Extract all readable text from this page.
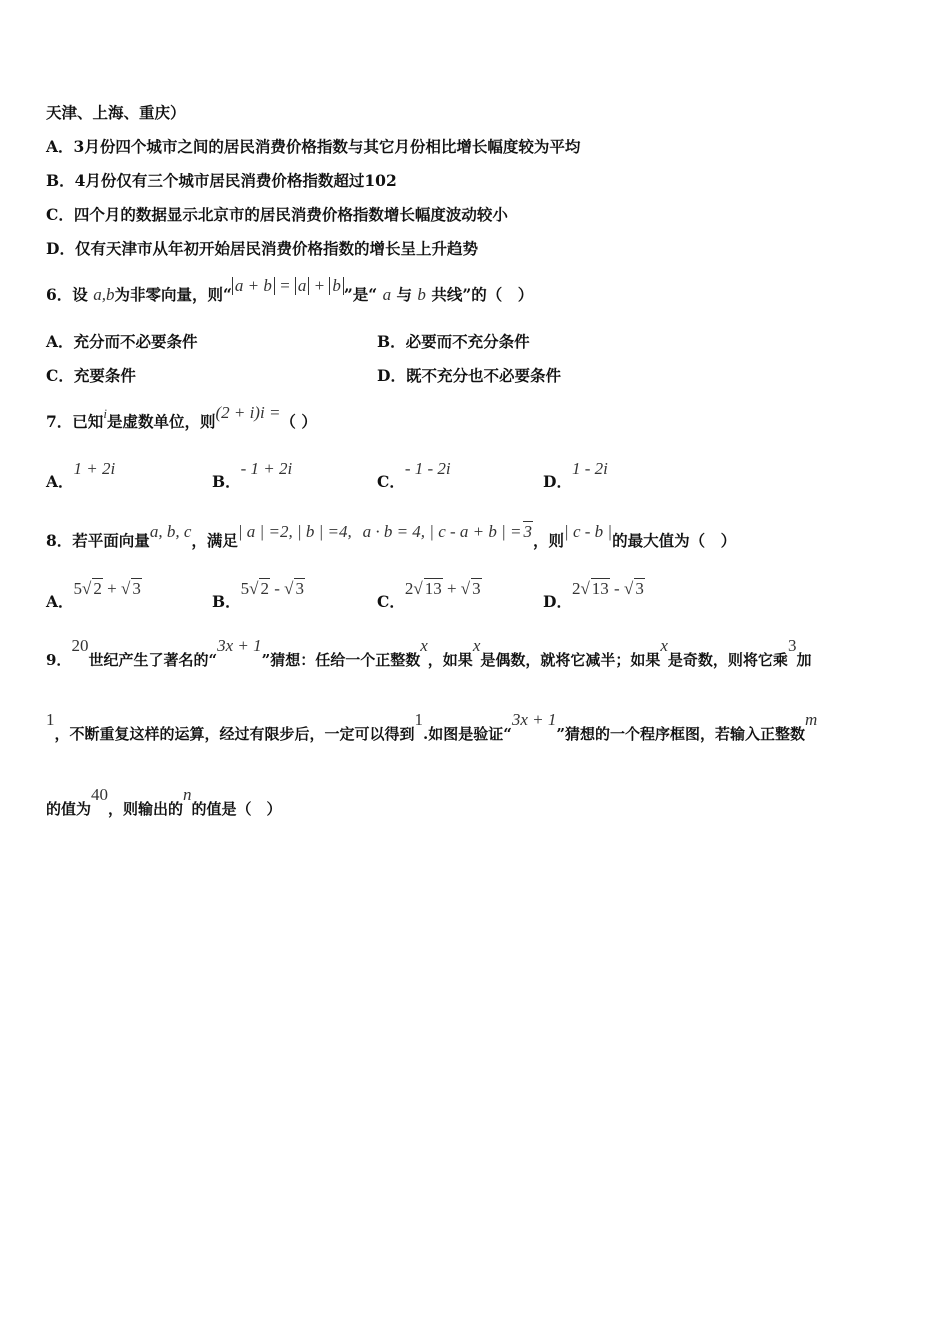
天津、上海、重庆）
A．3月份四个城市之间的居民消费价格指数与其它月份相比增长幅度较为平均
B．4月份仅有三个城市居民消费价格指数超过102
C．四个月的数据显示北京市的居民消费价格指数增长幅度波动较小
D．仅有天津市从年初开始居民消费价格指数的增长呈上升趋势
6．设 a,b为非零向量，则“ a + b = a + b ”是“ a 与 b 共线”的（　）
A．充分而不必要条件	B．必要而不充分条件
C．充要条件	D．既不充分也不必要条件
7．已知$^i$是虚数单位，则(2 + i)i =（ ）
A．1 + 2i
B．- 1 + 2i
C．- 1 - 2i
D．1 - 2i
8．若平面向量a, b, c，满足| a | =2, | b | =4, a · b = 4, | c - a + b | = 3，则| c - b |的最大值为（　）
A．5√ 2 + √ 3
B．5√ 2 - √ 3
C．2√ 13 + √ 3
D．2√ 13 - √ 3
9．20世纪产生了著名的“3x + 1”猜想：任给一个正整数x，如果x是偶数，就将它减半；如果x是奇数，则将它乘3加
1，不断重复这样的运算，经过有限步后，一定可以得到1.如图是验证“3x + 1”猜想的一个程序框图，若输入正整数m
的值为40，则输出的n的值是（　）
